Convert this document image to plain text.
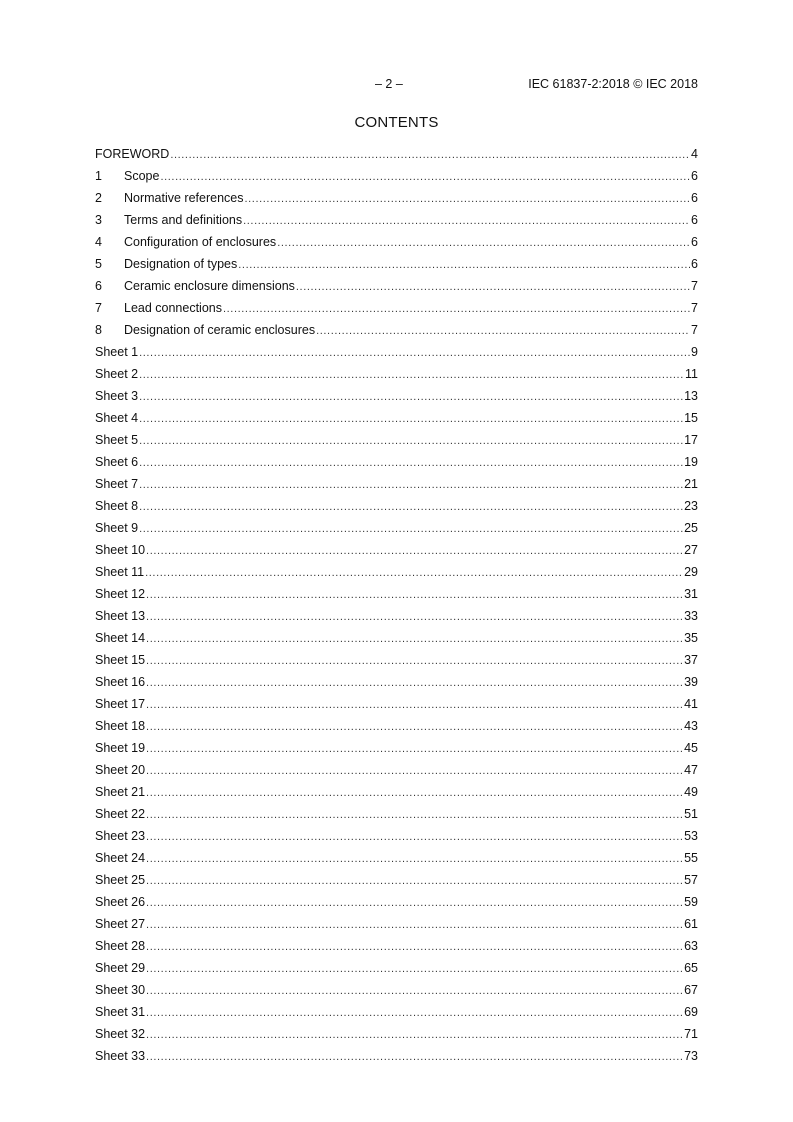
– 2 –	IEC 61837-2:2018 © IEC 2018
CONTENTS
FOREWORD .....	4
1	Scope .....	6
2	Normative references .....	6
3	Terms and definitions .....	6
4	Configuration of enclosures .....	6
5	Designation of types .....	6
6	Ceramic enclosure dimensions .....	7
7	Lead connections .....	7
8	Designation of ceramic enclosures .....	7
Sheet 1 .....	9
Sheet 2 .....	11
Sheet 3 .....	13
Sheet 4 .....	15
Sheet 5 .....	17
Sheet 6 .....	19
Sheet 7 .....	21
Sheet 8 .....	23
Sheet 9 .....	25
Sheet 10 .....	27
Sheet 11 .....	29
Sheet 12 .....	31
Sheet 13 .....	33
Sheet 14 .....	35
Sheet 15 .....	37
Sheet 16 .....	39
Sheet 17 .....	41
Sheet 18 .....	43
Sheet 19 .....	45
Sheet 20 .....	47
Sheet 21 .....	49
Sheet 22 .....	51
Sheet 23 .....	53
Sheet 24 .....	55
Sheet 25 .....	57
Sheet 26 .....	59
Sheet 27 .....	61
Sheet 28 .....	63
Sheet 29 .....	65
Sheet 30 .....	67
Sheet 31 .....	69
Sheet 32 .....	71
Sheet 33 .....	73
